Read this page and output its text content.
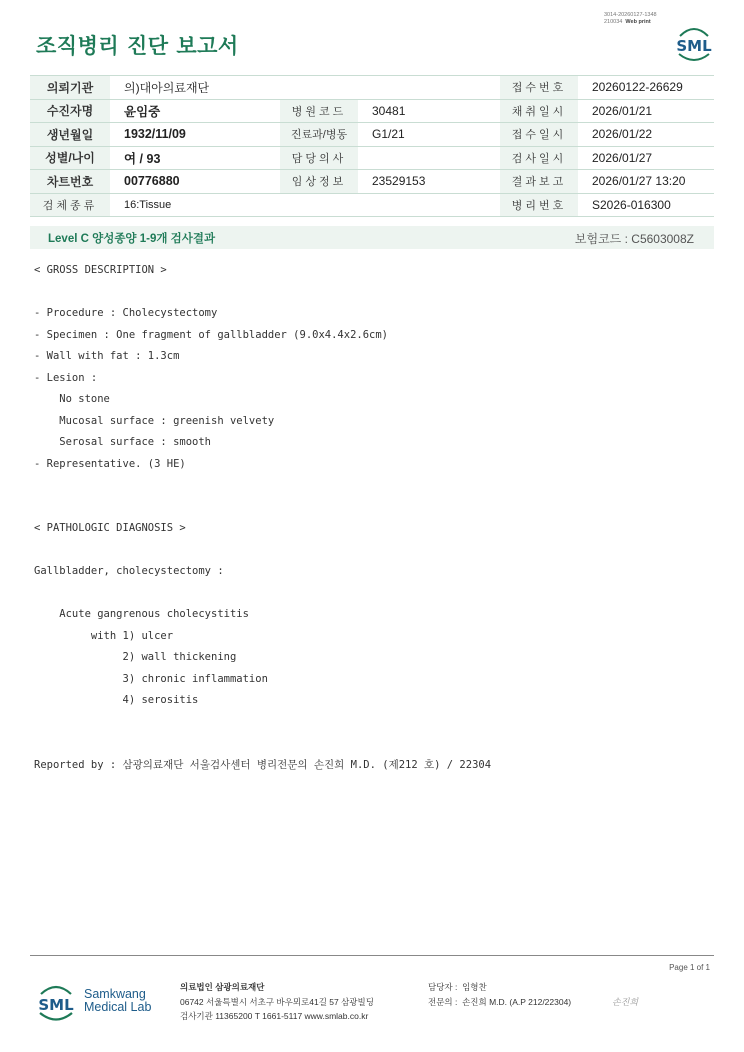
3014-20260127-1348
210034 Web print
조직병리 진단 보고서	SML
의뢰기관	의)대아의료재단			접수번호	20260122-26629
수진자명	윤임중	병원코드	30481	채취일시	2026/01/21
생년월일	1932/11/09	진료과/병동	G1/21	접수일시	2026/01/22
성별/나이	여 / 93	담당의사		검사일시	2026/01/27
차트번호	00776880	임상정보	23529153	결과보고	2026/01/27 13:20
검체종류	16:Tissue			병리번호	S2026-016300
Level C 양성종양 1-9개 검사결과	보험코드 : C5603008Z
< GROSS DESCRIPTION >
- Procedure : Cholecystectomy
- Specimen : One fragment of gallbladder (9.0x4.4x2.6cm)
- Wall with fat : 1.3cm
- Lesion :
No stone
Mucosal surface : greenish velvety
Serosal surface : smooth
- Representative. (3 HE)
< PATHOLOGIC DIAGNOSIS >
Gallbladder, cholecystectomy :
Acute gangrenous cholecystitis
with 1) ulcer
2) wall thickening
3) chronic inflammation
4) serositis
Reported by : 삼광의료재단 서울검사센터 병리전문의 손진희 M.D. (제212 호) / 22304
Page 1 of 1
SML
Samkwang
Medical Lab
의료법인 삼광의료재단
06742 서울특별시 서초구 바우뫼로41길 57 삼광빌딩
검사기관 11365200 T 1661-5117 www.smlab.co.kr
담당자 : 임형찬
전문의 : 손진희 M.D. (A.P 212/22304)	손진희
